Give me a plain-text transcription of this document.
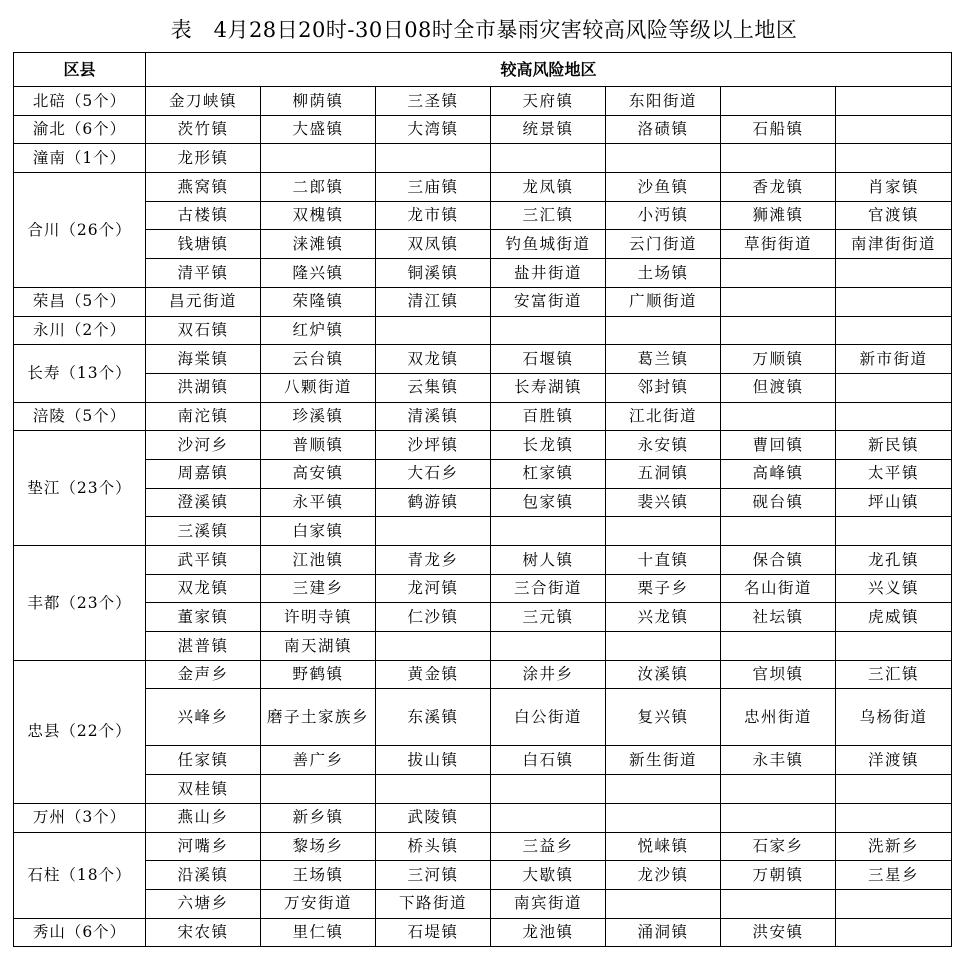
表　4月28日20时-30日08时全市暴雨灾害较高风险等级以上地区
区县	较高风险地区						
北碚（5个）	金刀峡镇	柳荫镇	三圣镇	天府镇	东阳街道		
渝北（6个）	茨竹镇	大盛镇	大湾镇	统景镇	洛碛镇	石船镇	
潼南（1个）	龙形镇						
合川（26个）	燕窝镇	二郎镇	三庙镇	龙凤镇	沙鱼镇	香龙镇	肖家镇
	古楼镇	双槐镇	龙市镇	三汇镇	小沔镇	狮滩镇	官渡镇
	钱塘镇	涞滩镇	双凤镇	钓鱼城街道	云门街道	草街街道	南津街街道
	清平镇	隆兴镇	铜溪镇	盐井街道	土场镇		
荣昌（5个）	昌元街道	荣隆镇	清江镇	安富街道	广顺街道		
永川（2个）	双石镇	红炉镇					
长寿（13个）	海棠镇	云台镇	双龙镇	石堰镇	葛兰镇	万顺镇	新市街道
	洪湖镇	八颗街道	云集镇	长寿湖镇	邻封镇	但渡镇	
涪陵（5个）	南沱镇	珍溪镇	清溪镇	百胜镇	江北街道		
垫江（23个）	沙河乡	普顺镇	沙坪镇	长龙镇	永安镇	曹回镇	新民镇
	周嘉镇	高安镇	大石乡	杠家镇	五洞镇	高峰镇	太平镇
	澄溪镇	永平镇	鹤游镇	包家镇	裴兴镇	砚台镇	坪山镇
	三溪镇	白家镇					
丰都（23个）	武平镇	江池镇	青龙乡	树人镇	十直镇	保合镇	龙孔镇
	双龙镇	三建乡	龙河镇	三合街道	栗子乡	名山街道	兴义镇
	董家镇	许明寺镇	仁沙镇	三元镇	兴龙镇	社坛镇	虎威镇
	湛普镇	南天湖镇					
忠县（22个）	金声乡	野鹤镇	黄金镇	涂井乡	汝溪镇	官坝镇	三汇镇
	兴峰乡	磨子土家族乡	东溪镇	白公街道	复兴镇	忠州街道	乌杨街道
	任家镇	善广乡	拔山镇	白石镇	新生街道	永丰镇	洋渡镇
	双桂镇						
万州（3个）	燕山乡	新乡镇	武陵镇				
石柱（18个）	河嘴乡	黎场乡	桥头镇	三益乡	悦崃镇	石家乡	洗新乡
	沿溪镇	王场镇	三河镇	大歇镇	龙沙镇	万朝镇	三星乡
	六塘乡	万安街道	下路街道	南宾街道			
秀山（6个）	宋农镇	里仁镇	石堤镇	龙池镇	涌洞镇	洪安镇	
